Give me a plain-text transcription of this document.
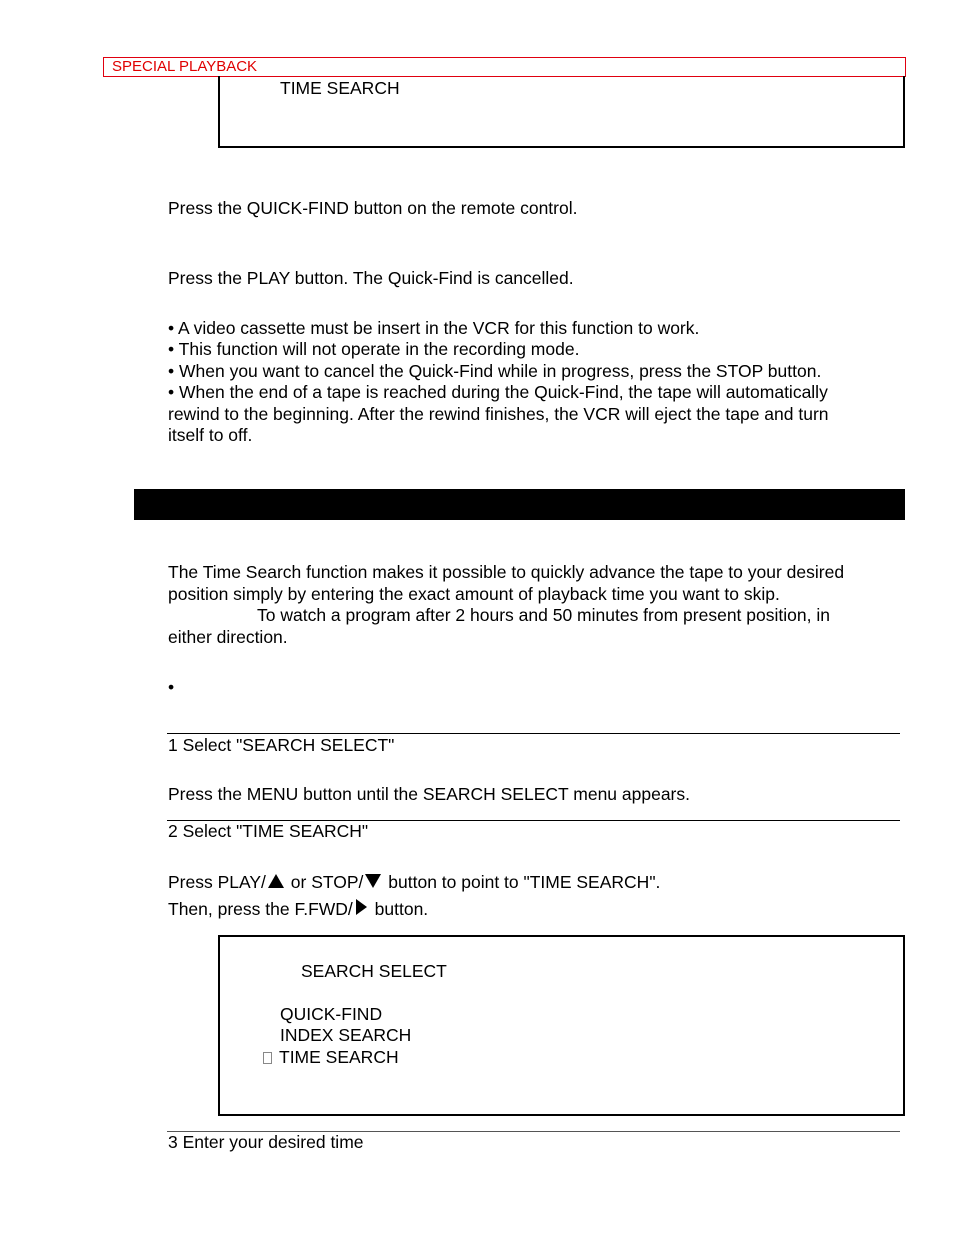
SPECIAL PLAYBACK
TIME SEARCH
Press the QUICK-FIND button on the remote control.
Press the PLAY button. The Quick-Find is cancelled.
• A video cassette must be insert in the VCR for this function to work.
• This function will not operate in the recording mode.
• When you want to cancel the Quick-Find while in progress, press the STOP button.
• When the end of a tape is reached during the Quick-Find, the tape will automatically
rewind to the beginning. After the rewind finishes, the VCR will eject the tape and turn
itself to off.
The Time Search function makes it possible to quickly advance the tape to your desired
position simply by entering the exact amount of playback time you want to skip.
To watch a program after 2 hours and 50 minutes from present position, in
either direction.
•
1 Select "SEARCH SELECT"
Press the MENU button until the SEARCH SELECT menu appears.
2 Select "TIME SEARCH"
Press PLAY/ or STOP/ button to point to "TIME SEARCH".
Then, press the F.FWD/ button.
SEARCH SELECT
QUICK-FIND
INDEX SEARCH
TIME SEARCH
3 Enter your desired time
